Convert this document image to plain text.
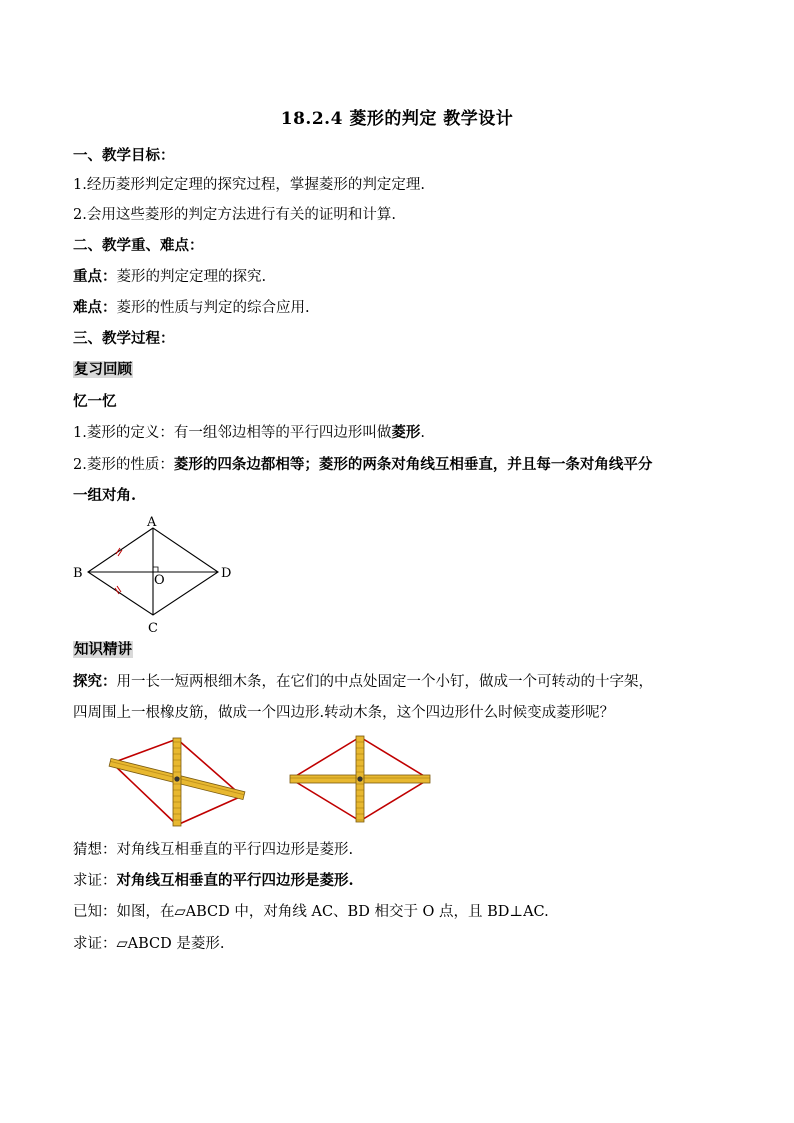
18.2.4 菱形的判定 教学设计
一、教学目标：
1.经历菱形判定定理的探究过程，掌握菱形的判定定理.
2.会用这些菱形的判定方法进行有关的证明和计算.
二、教学重、难点：
重点：菱形的判定定理的探究.
难点：菱形的性质与判定的综合应用.
三、教学过程：
复习回顾
忆一忆
1.菱形的定义：有一组邻边相等的平行四边形叫做菱形.
2.菱形的性质：菱形的四条边都相等；菱形的两条对角线互相垂直，并且每一条对角线平分
一组对角.
A
B
C
D
O
知识精讲
探究：用一长一短两根细木条，在它们的中点处固定一个小钉，做成一个可转动的十字架，
四周围上一根橡皮筋，做成一个四边形.转动木条，这个四边形什么时候变成菱形呢？
猜想：对角线互相垂直的平行四边形是菱形.
求证：对角线互相垂直的平行四边形是菱形.
已知：如图，在▱ABCD 中，对角线 AC、BD 相交于 O 点，且 BD⊥AC.
求证：▱ABCD 是菱形.
